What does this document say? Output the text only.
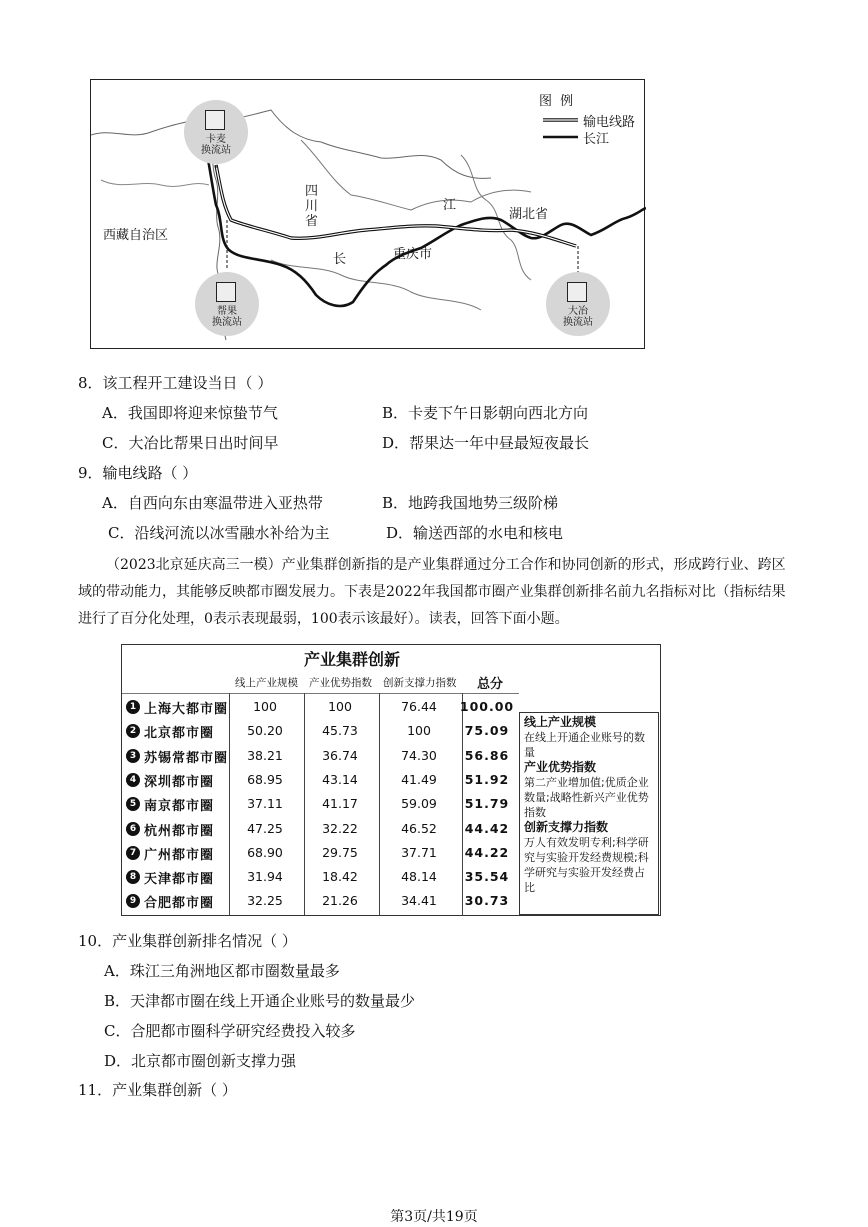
图 例
输电线路
长江
西藏自治区
四
川
省	湖北省
重庆市
江
长
卡麦
换流站
帮果
换流站
大冶
换流站
8．该工程开工建设当日（ ）
A．我国即将迎来惊蛰节气	B．卡麦下午日影朝向西北方向
C．大冶比帮果日出时间早	D．帮果达一年中昼最短夜最长
9．输电线路（ ）
A．自西向东由寒温带进入亚热带	B．地跨我国地势三级阶梯
C．沿线河流以冰雪融水补给为主	D．输送西部的水电和核电
（2023北京延庆高三一模）产业集群创新指的是产业集群通过分工合作和协同创新的形式，形成跨行业、跨区域的带动能力，其能够反映都市圈发展力。下表是2022年我国都市圈产业集群创新排名前九名指标对比（指标结果进行了百分化处理，0表示表现最弱，100表示该最好）。读表，回答下面小题。
产业集群创新
线上产业规模 产业优势指数 创新支撑力指数 总分
1 上海大都市圈	100	100	76.44	100.00
2 北京都市圈	50.20	45.73	100	75.09
3 苏锡常都市圈	38.21	36.74	74.30	56.86
4 深圳都市圈	68.95	43.14	41.49	51.92
5 南京都市圈	37.11	41.17	59.09	51.79
6 杭州都市圈	47.25	32.22	46.52	44.42
7 广州都市圈	68.90	29.75	37.71	44.22
8 天津都市圈	31.94	18.42	48.14	35.54
9 合肥都市圈	32.25	21.26	34.41	30.73
线上产业规模
在线上开通企业账号的数量
产业优势指数
第二产业增加值;优质企业数量;战略性新兴产业优势指数
创新支撑力指数
万人有效发明专利;科学研究与实验开发经费规模;科学研究与实验开发经费占比
10．产业集群创新排名情况（ ）
A．珠江三角洲地区都市圈数量最多
B．天津都市圈在线上开通企业账号的数量最少
C．合肥都市圈科学研究经费投入较多
D．北京都市圈创新支撑力强
11．产业集群创新（ ）
第3页/共19页
